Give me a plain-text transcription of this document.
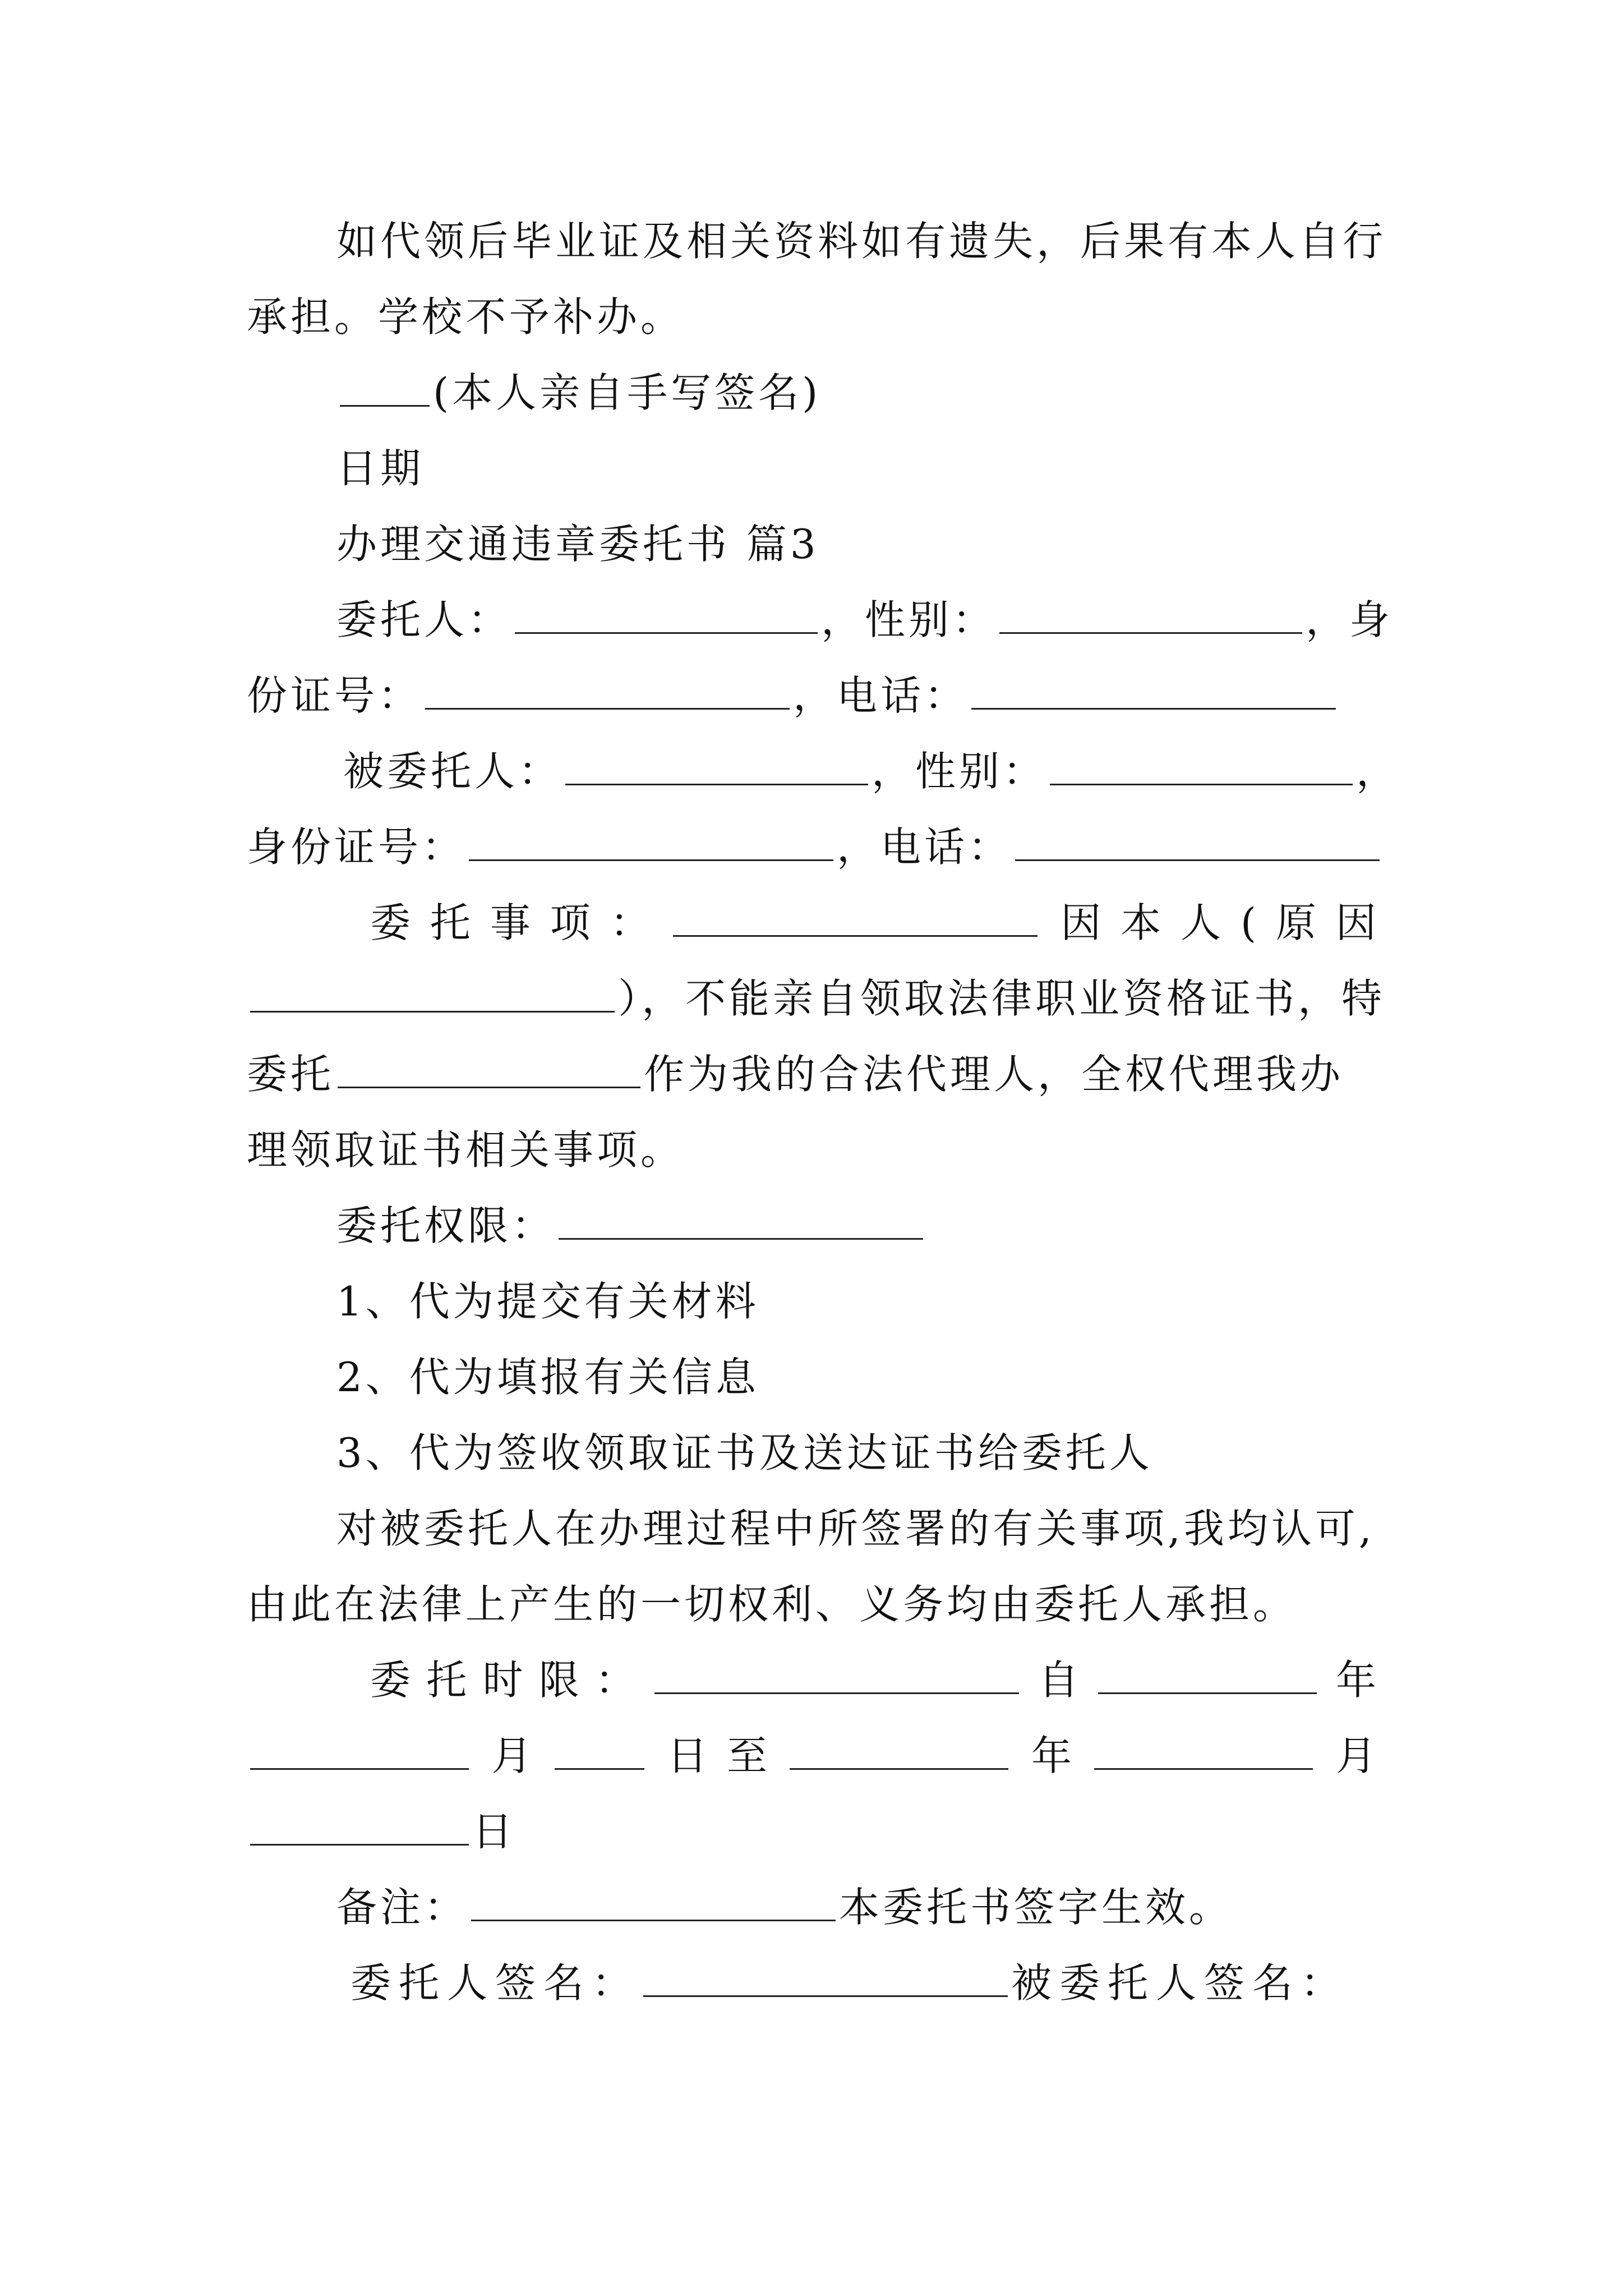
如代领后毕业证及相关资料如有遗失，后果有本人自行
承担。学校不予补办。
(本人亲自手写签名)
日期
办理交通违章委托书 篇3
委托人：	，性别：	，身
份证号：	，电话：
被委托人：	，性别：	，
身份证号：	，电话：
委 托 事 项 ：	因 本 人 ( 原 因
），不能亲自领取法律职业资格证书，特
委托	作为我的合法代理人，全权代理我办
理领取证书相关事项。
委托权限：
1、代为提交有关材料
2、代为填报有关信息
3、代为签收领取证书及送达证书给委托人
对被委托人在办理过程中所签署的有关事项,我均认可,
由此在法律上产生的一切权利、义务均由委托人承担。
委 托 时 限 ：	自	年
月	日 至	年	月
日
备注：	本委托书签字生效。
委托人签名：	被委托人签名：
